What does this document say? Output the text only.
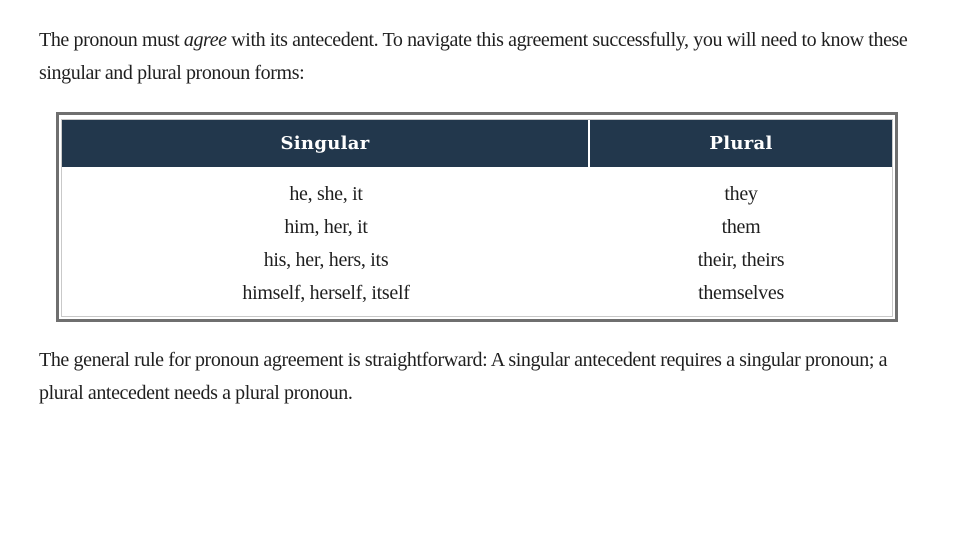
The pronoun must agree with its antecedent. To navigate this agreement successfully, you will need to know these singular and plural pronoun forms:

Singular	Plural
he, she, it
him, her, it
his, her, hers, its
himself, herself, itself
they
them
their, theirs
themselves

The general rule for pronoun agreement is straightforward: A singular antecedent requires a singular pronoun; a plural antecedent needs a plural pronoun.
